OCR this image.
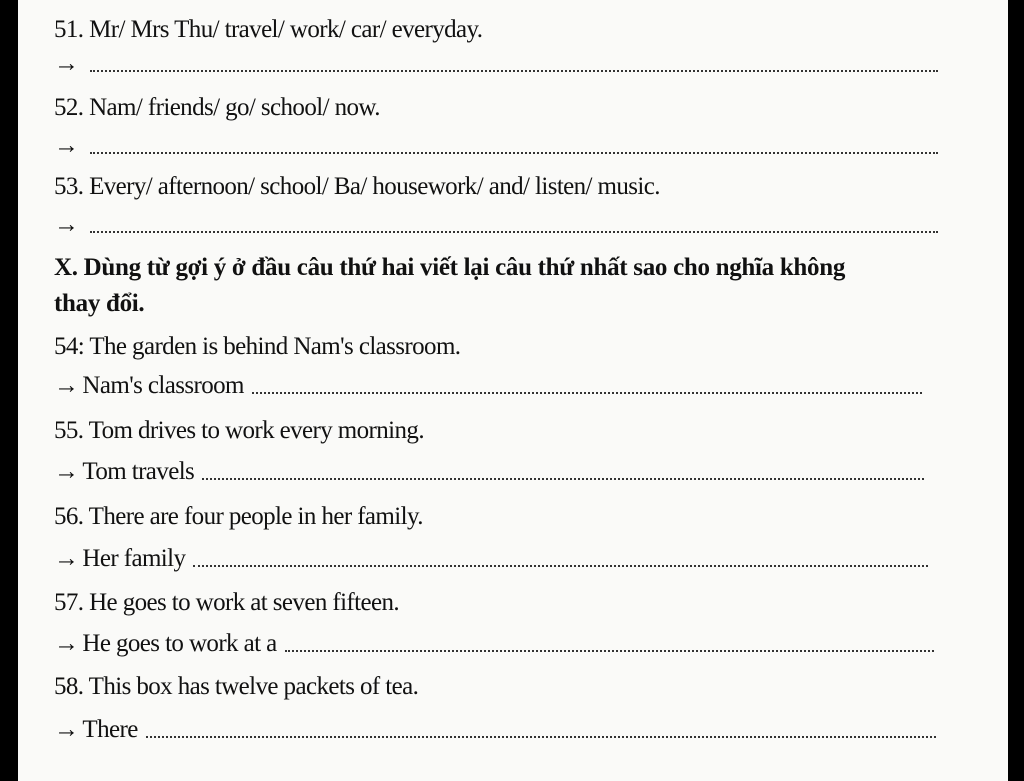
51. Mr/ Mrs Thu/ travel/ work/ car/ everyday.
→
52. Nam/ friends/ go/ school/ now.
→
53. Every/ afternoon/ school/ Ba/ housework/ and/ listen/ music.
→
X. Dùng từ gợi ý ở đầu câu thứ hai viết lại câu thứ nhất sao cho nghĩa không
thay đổi.
54: The garden is behind Nam's classroom.
→ Nam's classroom
55. Tom drives to work every morning.
→ Tom travels
56. There are four people in her family.
→ Her family
57. He goes to work at seven fifteen.
→ He goes to work at a
58. This box has twelve packets of tea.
→ There
